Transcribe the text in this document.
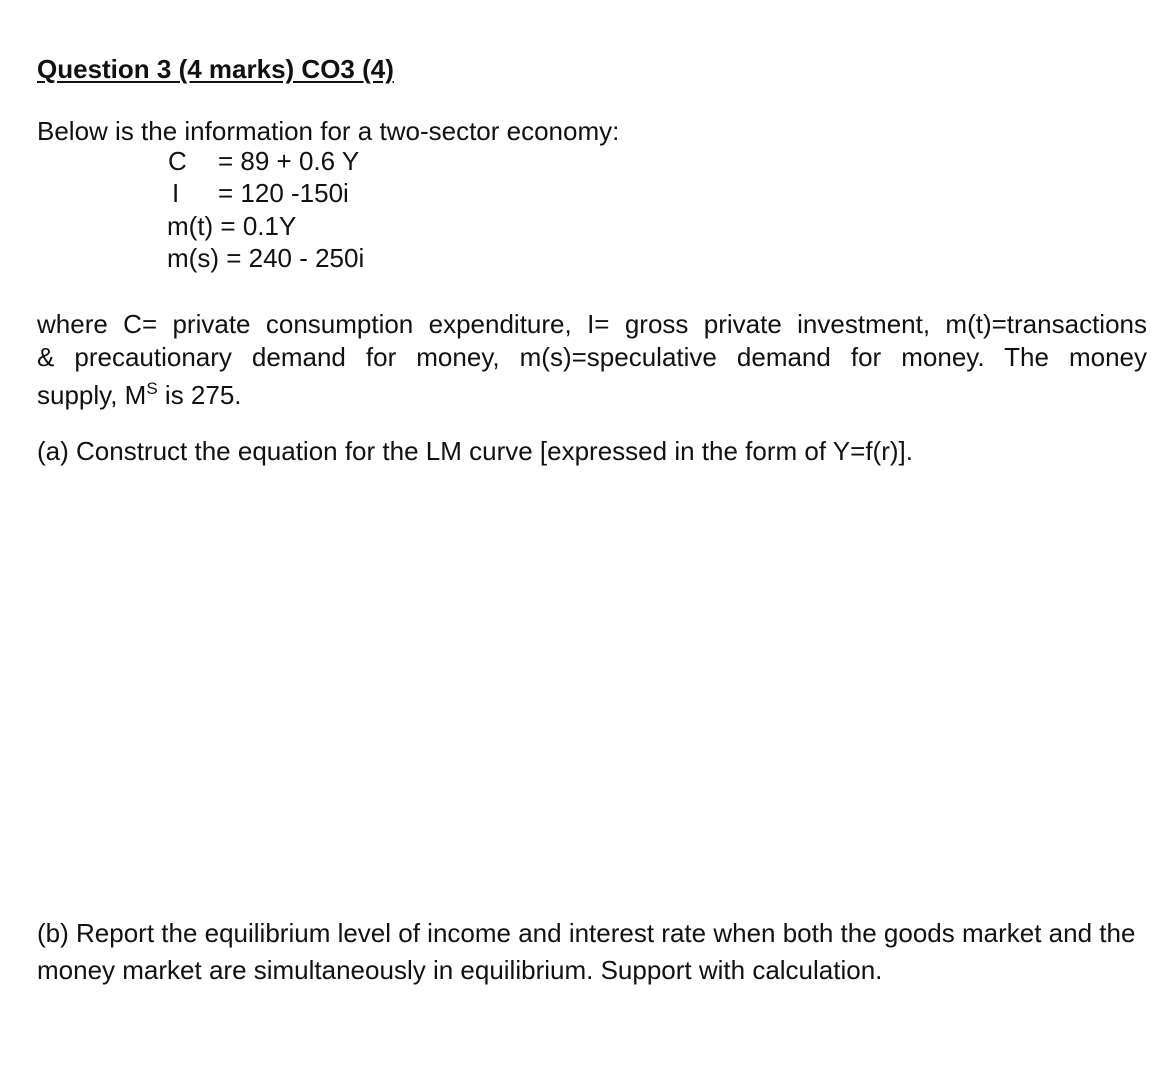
Question 3 (4 marks) CO3 (4)
Below is the information for a two-sector economy:
C = 89 + 0.6 Y
I = 120 -150i
m(t) = 0.1Y
m(s) = 240 - 250i
where C= private consumption expenditure, I= gross private investment, m(t)=transactions
& precautionary demand for money, m(s)=speculative demand for money. The money
supply, $M^S$ is 275.
(a) Construct the equation for the LM curve [expressed in the form of Y=f(r)].
(b) Report the equilibrium level of income and interest rate when both the goods market and the money market are simultaneously in equilibrium. Support with calculation.
